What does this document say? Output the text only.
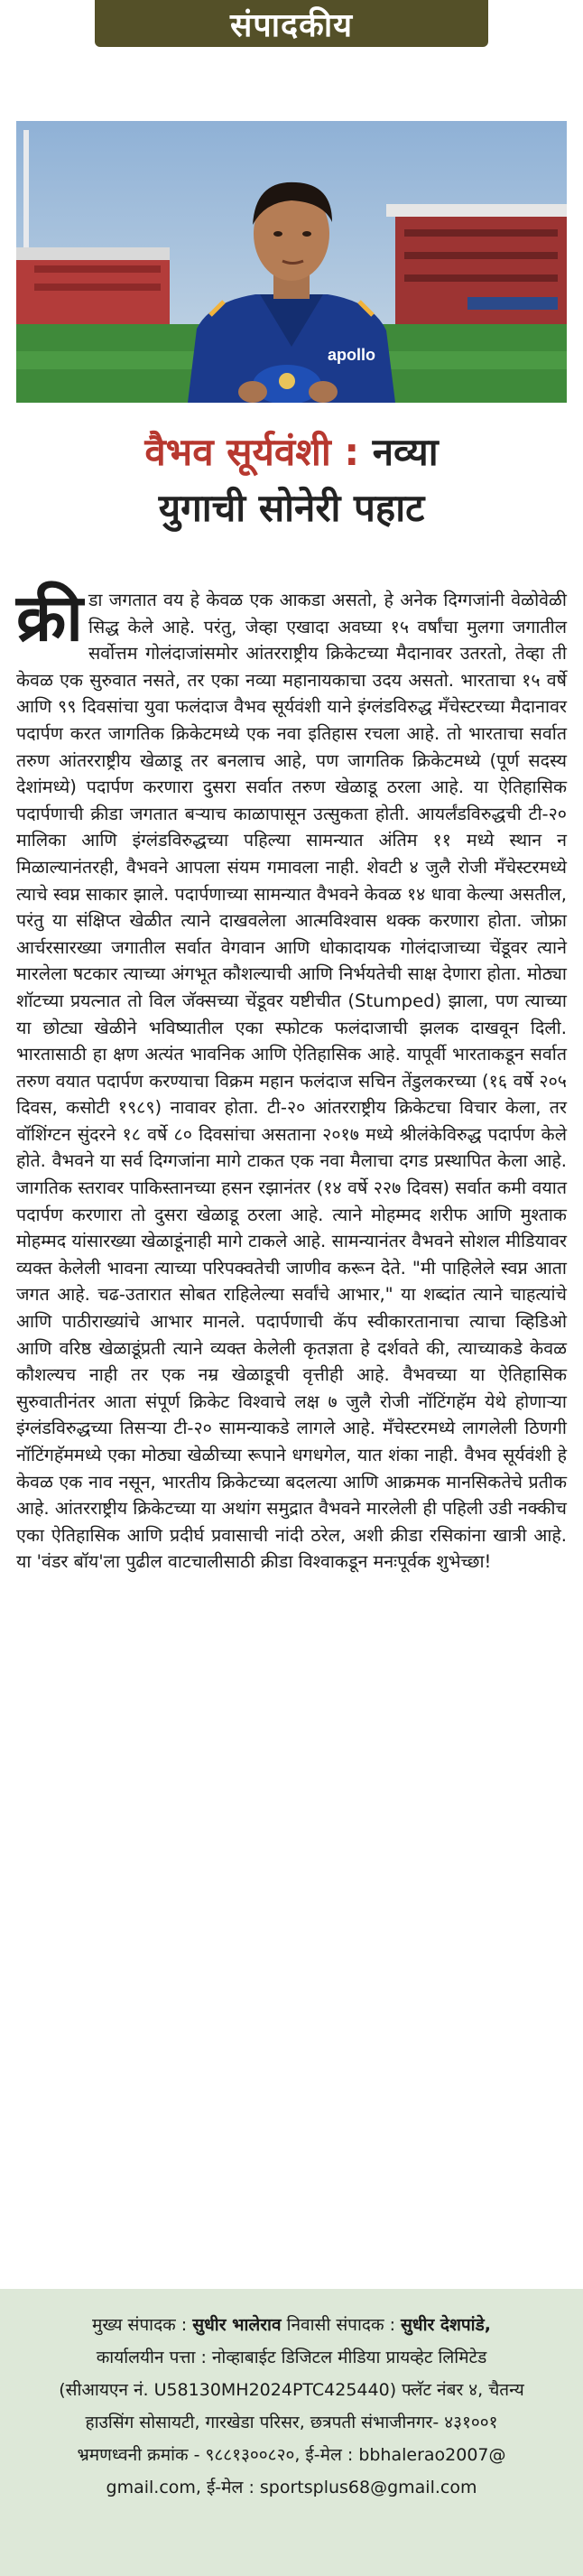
संपादकीय
apollo
वैभव सूर्यवंशी : नव्या
युगाची सोनेरी पहाट
क्री डा जगतात वय हे केवळ एक आकडा असतो, हे अनेक दिग्गजांनी वेळोवेळी सिद्ध केले आहे. परंतु, जेव्हा एखादा अवघ्या १५ वर्षांचा मुलगा जगातील सर्वोत्तम गोलंदाजांसमोर आंतरराष्ट्रीय क्रिकेटच्या मैदानावर उतरतो, तेव्हा ती केवळ एक सुरुवात नसते, तर एका नव्या महानायकाचा उदय असतो. भारताचा १५ वर्षे आणि ९९ दिवसांचा युवा फलंदाज वैभव सूर्यवंशी याने इंग्लंडविरुद्ध मँचेस्टरच्या मैदानावर पदार्पण करत जागतिक क्रिकेटमध्ये एक नवा इतिहास रचला आहे. तो भारताचा सर्वात तरुण आंतरराष्ट्रीय खेळाडू तर बनलाच आहे, पण जागतिक क्रिकेटमध्ये (पूर्ण सदस्य देशांमध्ये) पदार्पण करणारा दुसरा सर्वात तरुण खेळाडू ठरला आहे. या ऐतिहासिक पदार्पणाची क्रीडा जगतात बऱ्याच काळापासून उत्सुकता होती. आयर्लंडविरुद्धची टी-२० मालिका आणि इंग्लंडविरुद्धच्या पहिल्या सामन्यात अंतिम ११ मध्ये स्थान न मिळाल्यानंतरही, वैभवने आपला संयम गमावला नाही. शेवटी ४ जुलै रोजी मँचेस्टरमध्ये त्याचे स्वप्न साकार झाले. पदार्पणाच्या सामन्यात वैभवने केवळ १४ धावा केल्या असतील, परंतु या संक्षिप्त खेळीत त्याने दाखवलेला आत्मविश्वास थक्क करणारा होता. जोफ्रा आर्चरसारख्या जगातील सर्वात वेगवान आणि धोकादायक गोलंदाजाच्या चेंडूवर त्याने मारलेला षटकार त्याच्या अंगभूत कौशल्याची आणि निर्भयतेची साक्ष देणारा होता. मोठ्या शॉटच्या प्रयत्नात तो विल जॅक्सच्या चेंडूवर यष्टीचीत (Stumped) झाला, पण त्याच्या या छोट्या खेळीने भविष्यातील एका स्फोटक फलंदाजाची झलक दाखवून दिली. भारतासाठी हा क्षण अत्यंत भावनिक आणि ऐतिहासिक आहे. यापूर्वी भारताकडून सर्वात तरुण वयात पदार्पण करण्याचा विक्रम महान फलंदाज सचिन तेंडुलकरच्या (१६ वर्षे २०५ दिवस, कसोटी १९८९) नावावर होता. टी-२० आंतरराष्ट्रीय क्रिकेटचा विचार केला, तर वॉशिंग्टन सुंदरने १८ वर्षे ८० दिवसांचा असताना २०१७ मध्ये श्रीलंकेविरुद्ध पदार्पण केले होते. वैभवने या सर्व दिग्गजांना मागे टाकत एक नवा मैलाचा दगड प्रस्थापित केला आहे. जागतिक स्तरावर पाकिस्तानच्या हसन रझानंतर (१४ वर्षे २२७ दिवस) सर्वात कमी वयात पदार्पण करणारा तो दुसरा खेळाडू ठरला आहे. त्याने मोहम्मद शरीफ आणि मुश्ताक मोहम्मद यांसारख्या खेळाडूंनाही मागे टाकले आहे. सामन्यानंतर वैभवने सोशल मीडियावर व्यक्त केलेली भावना त्याच्या परिपक्वतेची जाणीव करून देते. "मी पाहिलेले स्वप्न आता जगत आहे. चढ-उतारात सोबत राहिलेल्या सर्वांचे आभार," या शब्दांत त्याने चाहत्यांचे आणि पाठीराख्यांचे आभार मानले. पदार्पणाची कॅप स्वीकारतानाचा त्याचा व्हिडिओ आणि वरिष्ठ खेळाडूंप्रती त्याने व्यक्त केलेली कृतज्ञता हे दर्शवते की, त्याच्याकडे केवळ कौशल्यच नाही तर एक नम्र खेळाडूची वृत्तीही आहे. वैभवच्या या ऐतिहासिक सुरुवातीनंतर आता संपूर्ण क्रिकेट विश्वाचे लक्ष ७ जुलै रोजी नॉटिंगहॅम येथे होणाऱ्या इंग्लंडविरुद्धच्या तिसऱ्या टी-२० सामन्याकडे लागले आहे. मँचेस्टरमध्ये लागलेली ठिणगी नॉटिंगहॅममध्ये एका मोठ्या खेळीच्या रूपाने धगधगेल, यात शंका नाही. वैभव सूर्यवंशी हे केवळ एक नाव नसून, भारतीय क्रिकेटच्या बदलत्या आणि आक्रमक मानसिकतेचे प्रतीक आहे. आंतरराष्ट्रीय क्रिकेटच्या या अथांग समुद्रात वैभवने मारलेली ही पहिली उडी नक्कीच एका ऐतिहासिक आणि प्रदीर्घ प्रवासाची नांदी ठरेल, अशी क्रीडा रसिकांना खात्री आहे. या 'वंडर बॉय'ला पुढील वाटचालीसाठी क्रीडा विश्वाकडून मनःपूर्वक शुभेच्छा!
मुख्य संपादक : सुधीर भालेराव निवासी संपादक : सुधीर देशपांडे,
कार्यालयीन पत्ता : नोव्हाबाईट डिजिटल मीडिया प्रायव्हेट लिमिटेड
(सीआयएन नं. U58130MH2024PTC425440) फ्लॅट नंबर ४, चैतन्य
हाउसिंग सोसायटी, गारखेडा परिसर, छत्रपती संभाजीनगर- ४३१००१
भ्रमणध्वनी क्रमांक - ९८८१३००८२०, ई-मेल : bbhalerao2007@
gmail.com, ई-मेल : sportsplus68@gmail.com
